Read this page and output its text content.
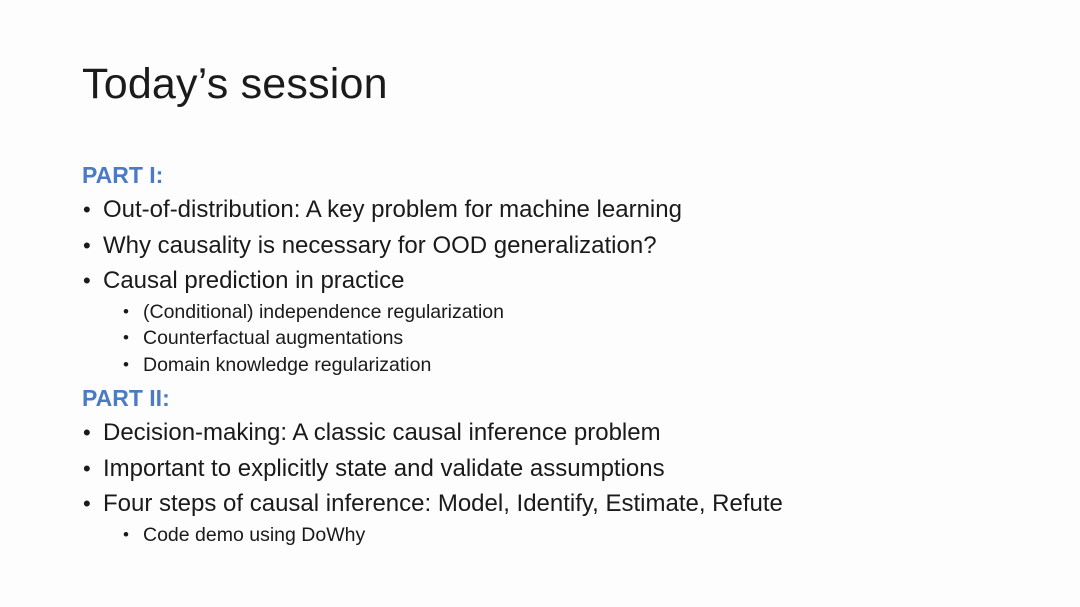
Today’s session
PART I:
• Out-of-distribution: A key problem for machine learning
• Why causality is necessary for OOD generalization?
• Causal prediction in practice
• (Conditional) independence regularization
• Counterfactual augmentations
• Domain knowledge regularization
PART II:
• Decision-making: A classic causal inference problem
• Important to explicitly state and validate assumptions
• Four steps of causal inference: Model, Identify, Estimate, Refute
• Code demo using DoWhy
